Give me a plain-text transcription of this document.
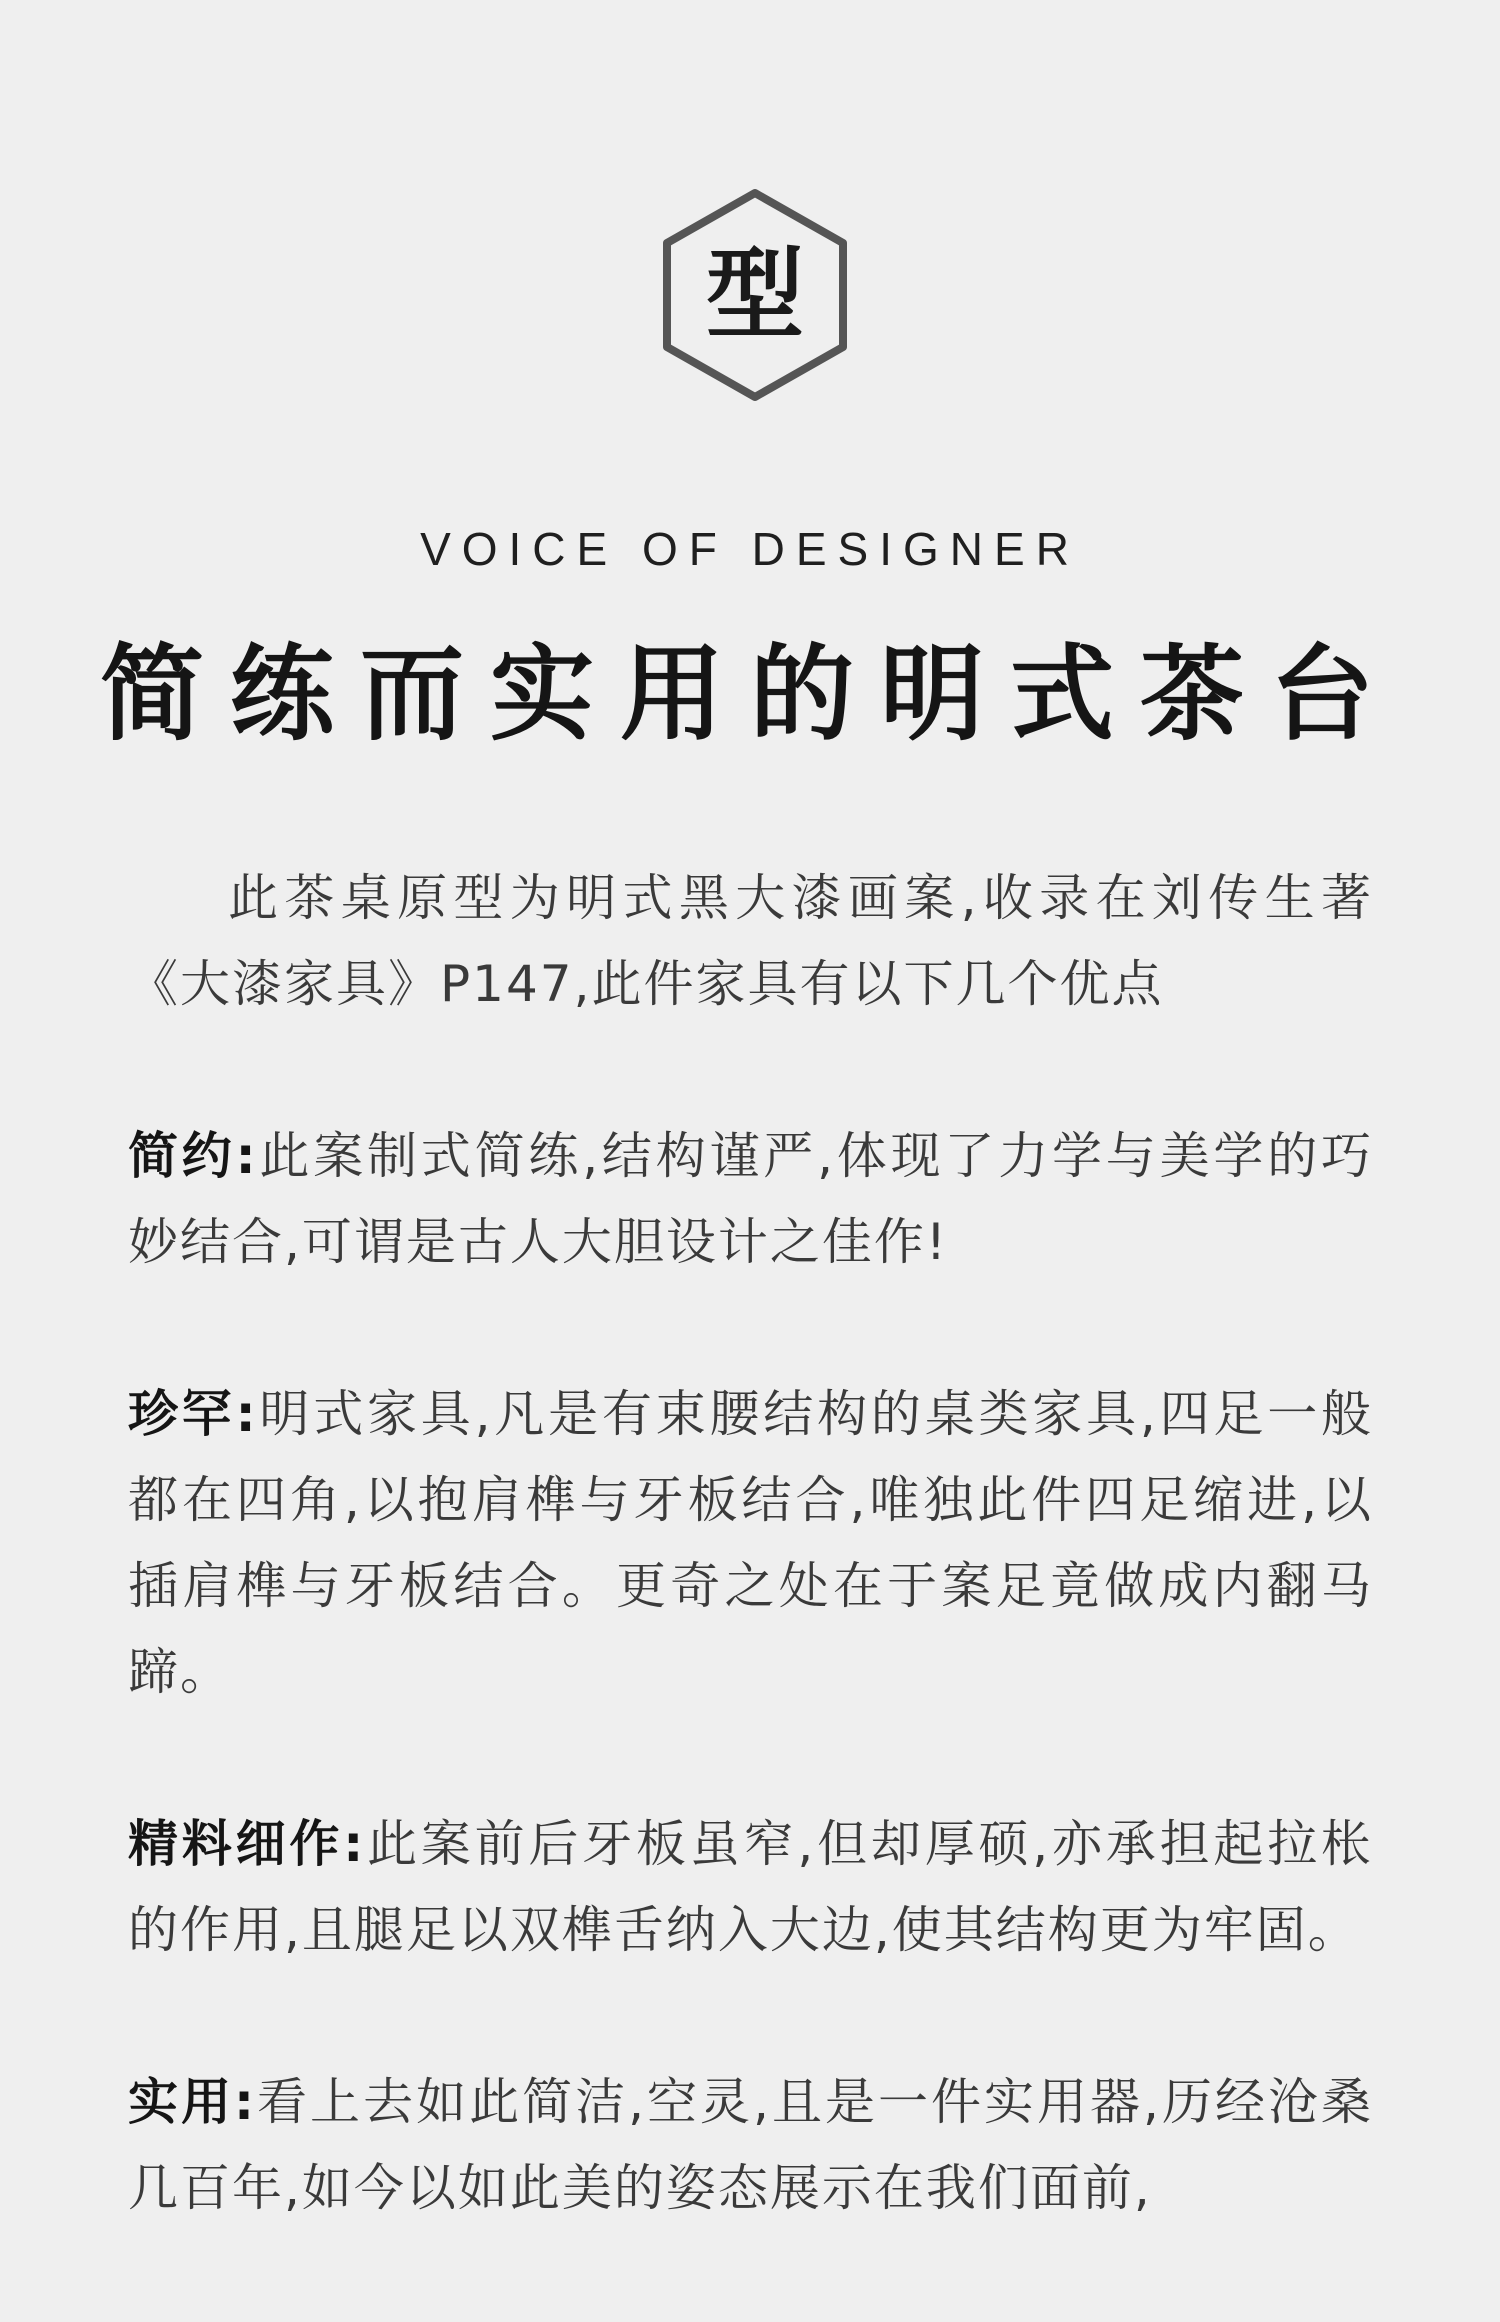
型
VOICE OF DESIGNER
简练而实用的明式茶台

此茶桌原型为明式黑大漆画案,收录在刘传生著《大漆家具》P147,此件家具有以下几个优点

简约:此案制式简练,结构谨严,体现了力学与美学的巧妙结合,可谓是古人大胆设计之佳作!

珍罕:明式家具,凡是有束腰结构的桌类家具,四足一般都在四角,以抱肩榫与牙板结合,唯独此件四足缩进,以插肩榫与牙板结合。更奇之处在于案足竟做成内翻马蹄。

精料细作:此案前后牙板虽窄,但却厚硕,亦承担起拉枨的作用,且腿足以双榫舌纳入大边,使其结构更为牢固。

实用:看上去如此简洁,空灵,且是一件实用器,历经沧桑几百年,如今以如此美的姿态展示在我们面前,
